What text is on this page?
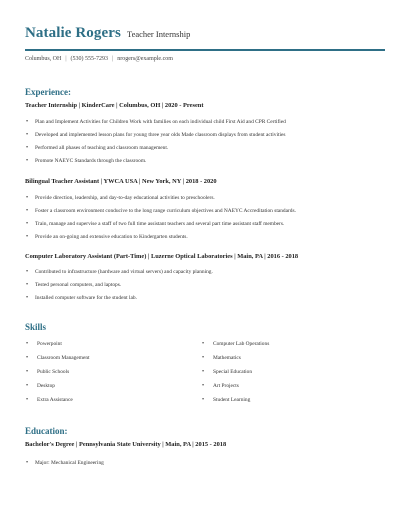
Natalie Rogers Teacher Internship
Columbus, OH | (530) 555-7293 | nrogers@example.com
Experience:
Teacher Internship | KinderCare | Columbus, OH | 2020 - Present
• Plan and Implement Activities for Children Work with families on each individual child First Aid and CPR Certified
• Developed and implemented lesson plans for young three year olds Made classroom displays from student activities
• Performed all phases of teaching and classroom management.
• Promote NAEYC Standards through the classroom.
Bilingual Teacher Assistant | YWCA USA | New York, NY | 2018 - 2020
• Provide direction, leadership, and day-to-day educational activities to preschoolers.
• Foster a classroom environment conducive to the long range curriculum objectives and NAEYC Accreditation standards.
• Train, manage and supervise a staff of two full time assistant teachers and several part time assistant staff members.
• Provide an on-going and extensive education to Kindergarten students.
Computer Laboratory Assistant (Part-Time) | Luzerne Optical Laboratories | Main, PA | 2016 - 2018
• Contributed to infrastructure (hardware and virtual servers) and capacity planning.
• Tested personal computers, and laptops.
• Installed computer software for the student lab.
Skills
• Powerpoint
• Classroom Management
• Public Schools
• Desktop
• Extra Assistance
• Computer Lab Operations
• Mathematics
• Special Education
• Art Projects
• Student Learning
Education:
Bachelor's Degree | Pennsylvania State University | Main, PA | 2015 - 2018
• Major: Mechanical Engineering
